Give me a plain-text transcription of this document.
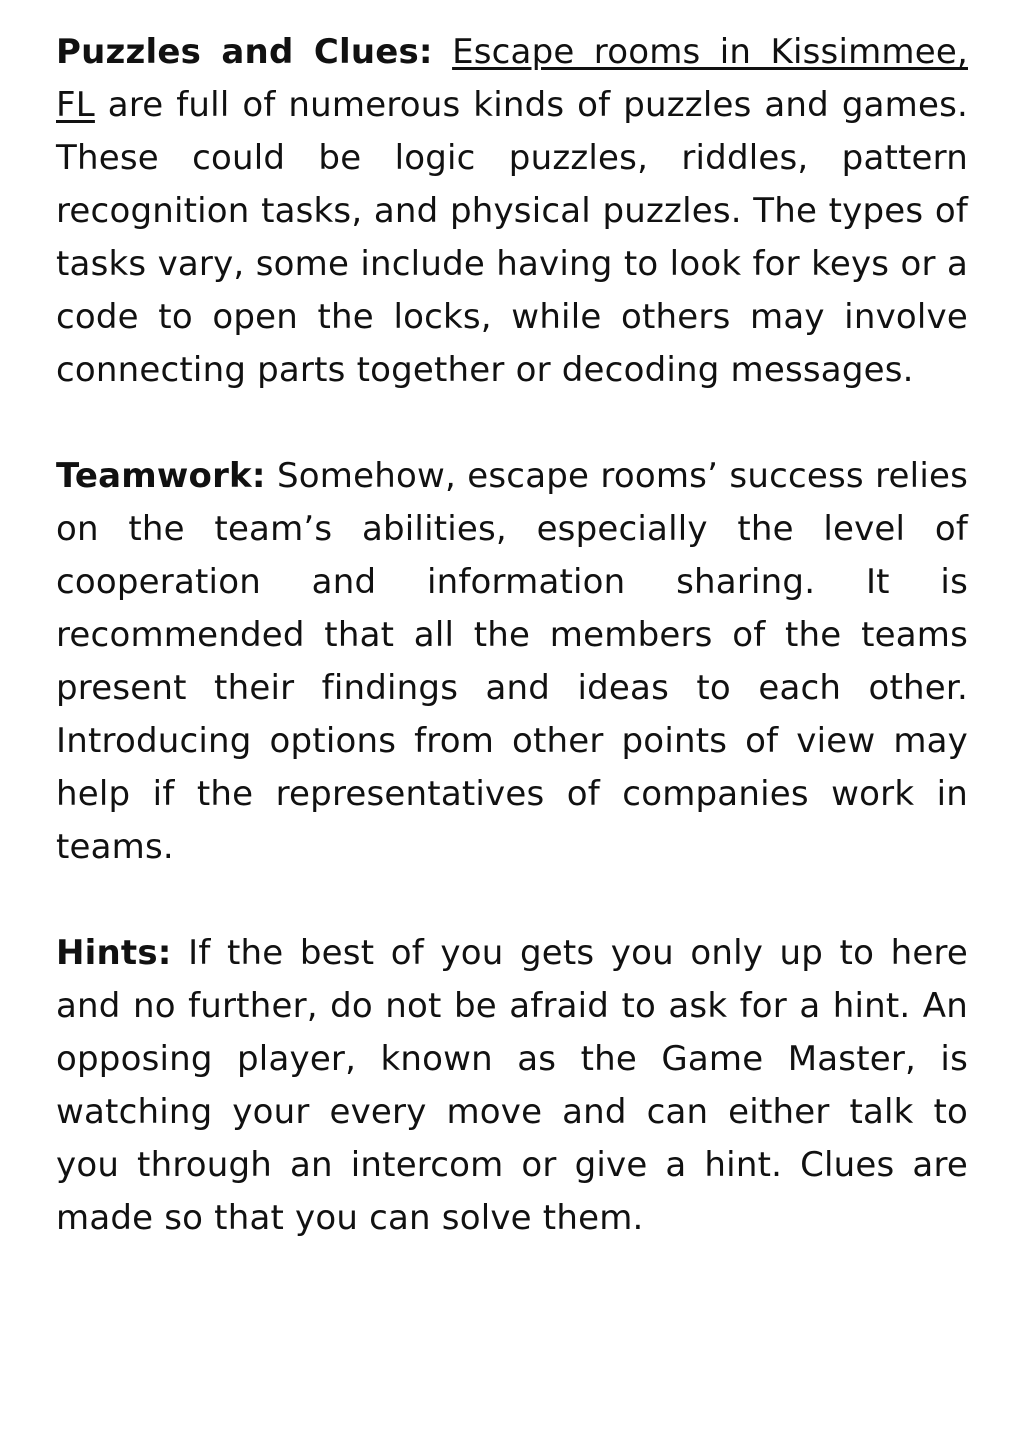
Puzzles and Clues: Escape rooms in Kissimmee, FL are full of numerous kinds of puzzles and games. These could be logic puzzles, riddles, pattern recognition tasks, and physical puzzles. The types of tasks vary, some include having to look for keys or a code to open the locks, while others may involve connecting parts together or decoding messages.

Teamwork: Somehow, escape rooms’ success relies on the team’s abilities, especially the level of cooperation and information sharing. It is recommended that all the members of the teams present their findings and ideas to each other. Introducing options from other points of view may help if the representatives of companies work in teams.

Hints: If the best of you gets you only up to here and no further, do not be afraid to ask for a hint. An opposing player, known as the Game Master, is watching your every move and can either talk to you through an intercom or give a hint. Clues are made so that you can solve them.
